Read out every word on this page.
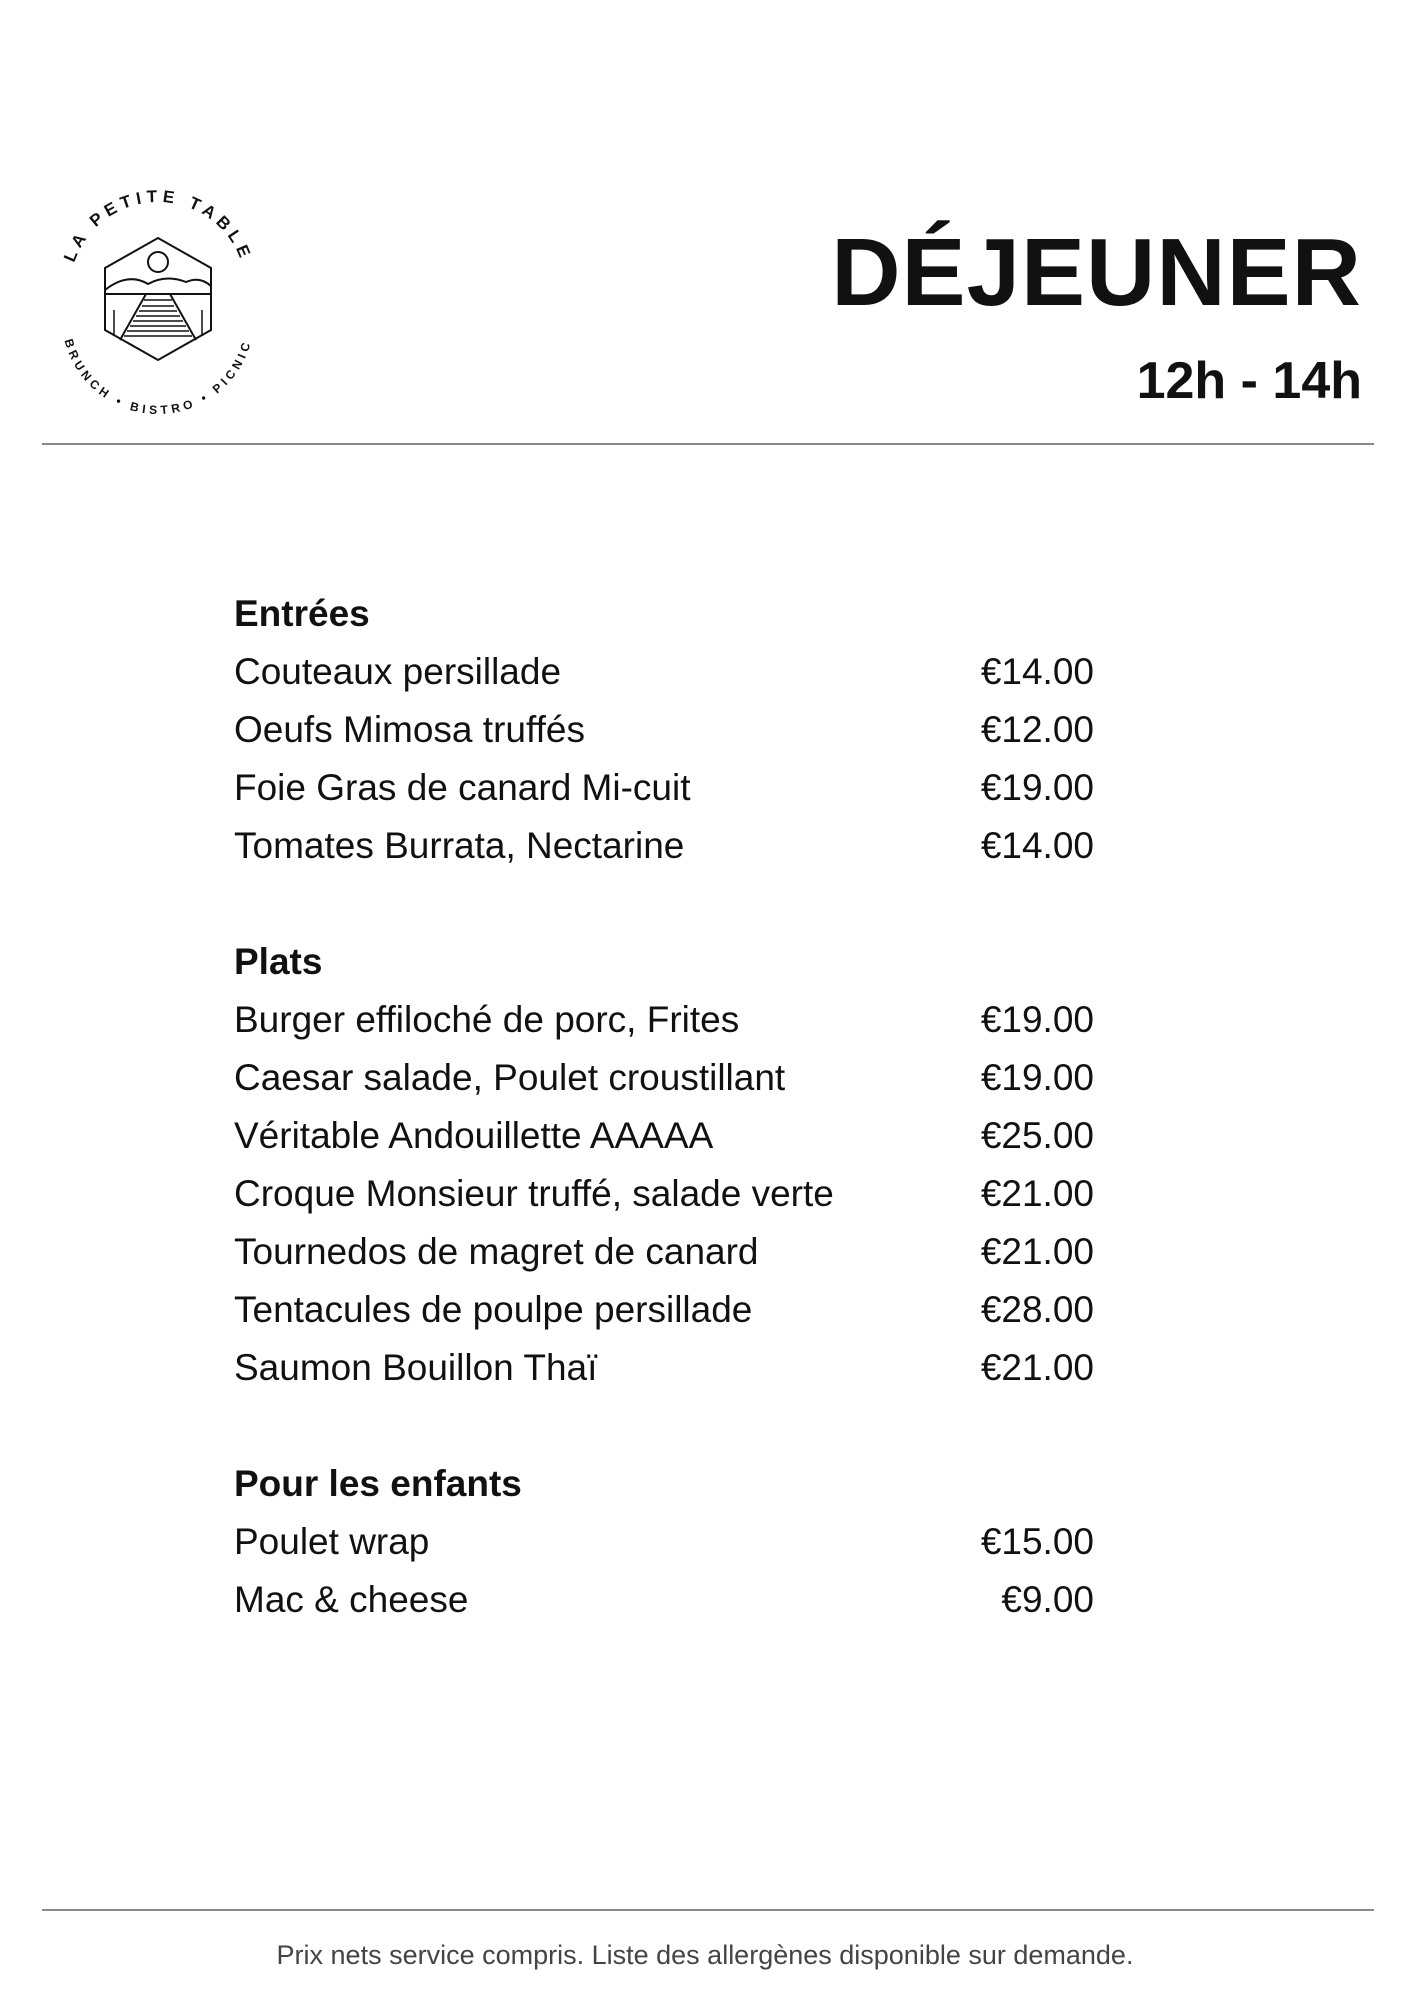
LA PETITE TABLE
BRUNCH • BISTRO • PICNIC
DÉJEUNER
12h - 14h
Entrées
Couteaux persillade	€14.00
Oeufs Mimosa truffés	€12.00
Foie Gras de canard Mi-cuit	€19.00
Tomates Burrata, Nectarine	€14.00
Plats
Burger effiloché de porc, Frites	€19.00
Caesar salade, Poulet croustillant	€19.00
Véritable Andouillette AAAAA	€25.00
Croque Monsieur truffé, salade verte	€21.00
Tournedos de magret de canard	€21.00
Tentacules de poulpe persillade	€28.00
Saumon Bouillon Thaï	€21.00
Pour les enfants
Poulet wrap	€15.00
Mac & cheese	€9.00
Prix nets service compris. Liste des allergènes disponible sur demande.
